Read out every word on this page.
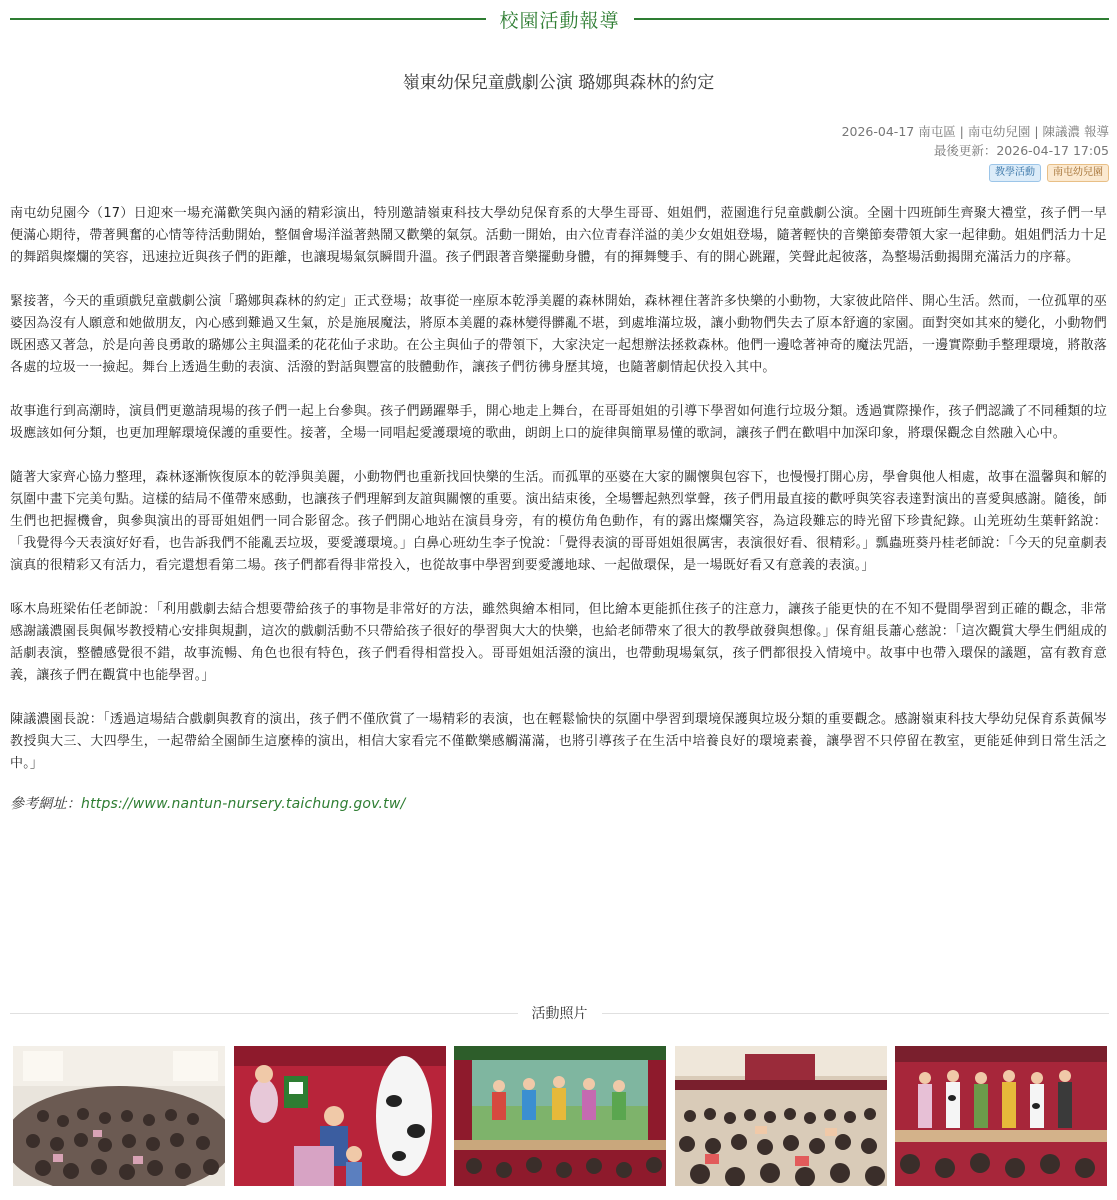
校園活動報導
嶺東幼保兒童戲劇公演 璐娜與森林的約定
2026-04-17 南屯區 | 南屯幼兒園 | 陳議濃 報導
最後更新：2026-04-17 17:05
教學活動	南屯幼兒園

南屯幼兒園今（17）日迎來一場充滿歡笑與內涵的精彩演出，特別邀請嶺東科技大學幼兒保育系的大學生哥哥、姐姐們，蒞園進行兒童戲劇公演。全園十四班師生齊聚大禮堂，孩子們一早便滿心期待，帶著興奮的心情等待活動開始，整個會場洋溢著熱鬧又歡樂的氣氛。活動一開始，由六位青春洋溢的美少女姐姐登場，隨著輕快的音樂節奏帶領大家一起律動。姐姐們活力十足的舞蹈與燦爛的笑容，迅速拉近與孩子們的距離，也讓現場氣氛瞬間升溫。孩子們跟著音樂擺動身體，有的揮舞雙手、有的開心跳躍，笑聲此起彼落，為整場活動揭開充滿活力的序幕。

緊接著，今天的重頭戲兒童戲劇公演「璐娜與森林的約定」正式登場；故事從一座原本乾淨美麗的森林開始，森林裡住著許多快樂的小動物，大家彼此陪伴、開心生活。然而，一位孤單的巫婆因為沒有人願意和她做朋友，內心感到難過又生氣，於是施展魔法，將原本美麗的森林變得髒亂不堪，到處堆滿垃圾，讓小動物們失去了原本舒適的家園。面對突如其來的變化，小動物們既困惑又著急，於是向善良勇敢的璐娜公主與溫柔的花花仙子求助。在公主與仙子的帶領下，大家決定一起想辦法拯救森林。他們一邊唸著神奇的魔法咒語，一邊實際動手整理環境，將散落各處的垃圾一一撿起。舞台上透過生動的表演、活潑的對話與豐富的肢體動作，讓孩子們彷彿身歷其境，也隨著劇情起伏投入其中。

故事進行到高潮時，演員們更邀請現場的孩子們一起上台參與。孩子們踴躍舉手，開心地走上舞台，在哥哥姐姐的引導下學習如何進行垃圾分類。透過實際操作，孩子們認識了不同種類的垃圾應該如何分類，也更加理解環境保護的重要性。接著，全場一同唱起愛護環境的歌曲，朗朗上口的旋律與簡單易懂的歌詞，讓孩子們在歡唱中加深印象，將環保觀念自然融入心中。

隨著大家齊心協力整理，森林逐漸恢復原本的乾淨與美麗，小動物們也重新找回快樂的生活。而孤單的巫婆在大家的關懷與包容下，也慢慢打開心房，學會與他人相處，故事在溫馨與和解的氛圍中畫下完美句點。這樣的結局不僅帶來感動，也讓孩子們理解到友誼與關懷的重要。演出結束後，全場響起熱烈掌聲，孩子們用最直接的歡呼與笑容表達對演出的喜愛與感謝。隨後，師生們也把握機會，與參與演出的哥哥姐姐們一同合影留念。孩子們開心地站在演員身旁，有的模仿角色動作，有的露出燦爛笑容，為這段難忘的時光留下珍貴紀錄。山羌班幼生葉軒銘說：「我覺得今天表演好好看，也告訴我們不能亂丟垃圾，要愛護環境。」白鼻心班幼生李子悅說：「覺得表演的哥哥姐姐很厲害，表演很好看、很精彩。」瓢蟲班葵丹桂老師說：「今天的兒童劇表演真的很精彩又有活力，看完還想看第二場。孩子們都看得非常投入，也從故事中學習到要愛護地球、一起做環保，是一場既好看又有意義的表演。」

啄木鳥班梁佑任老師說：「利用戲劇去結合想要帶給孩子的事物是非常好的方法，雖然與繪本相同，但比繪本更能抓住孩子的注意力，讓孩子能更快的在不知不覺間學習到正確的觀念，非常感謝議濃園長與佩岑教授精心安排與規劃，這次的戲劇活動不只帶給孩子很好的學習與大大的快樂，也給老師帶來了很大的教學啟發與想像。」保育組長蕭心慈說：「這次觀賞大學生們組成的話劇表演，整體感覺很不錯，故事流暢、角色也很有特色，孩子們看得相當投入。哥哥姐姐活潑的演出，也帶動現場氣氛，孩子們都很投入情境中。故事中也帶入環保的議題，富有教育意義，讓孩子們在觀賞中也能學習。」

陳議濃園長說：「透過這場結合戲劇與教育的演出，孩子們不僅欣賞了一場精彩的表演，也在輕鬆愉快的氛圍中學習到環境保護與垃圾分類的重要觀念。感謝嶺東科技大學幼兒保育系黃佩岑教授與大三、大四學生，一起帶給全園師生這麼棒的演出，相信大家看完不僅歡樂感觸滿滿，也將引導孩子在生活中培養良好的環境素養，讓學習不只停留在教室，更能延伸到日常生活之中。」

參考網址：https://www.nantun-nursery.taichung.gov.tw/
活動照片
